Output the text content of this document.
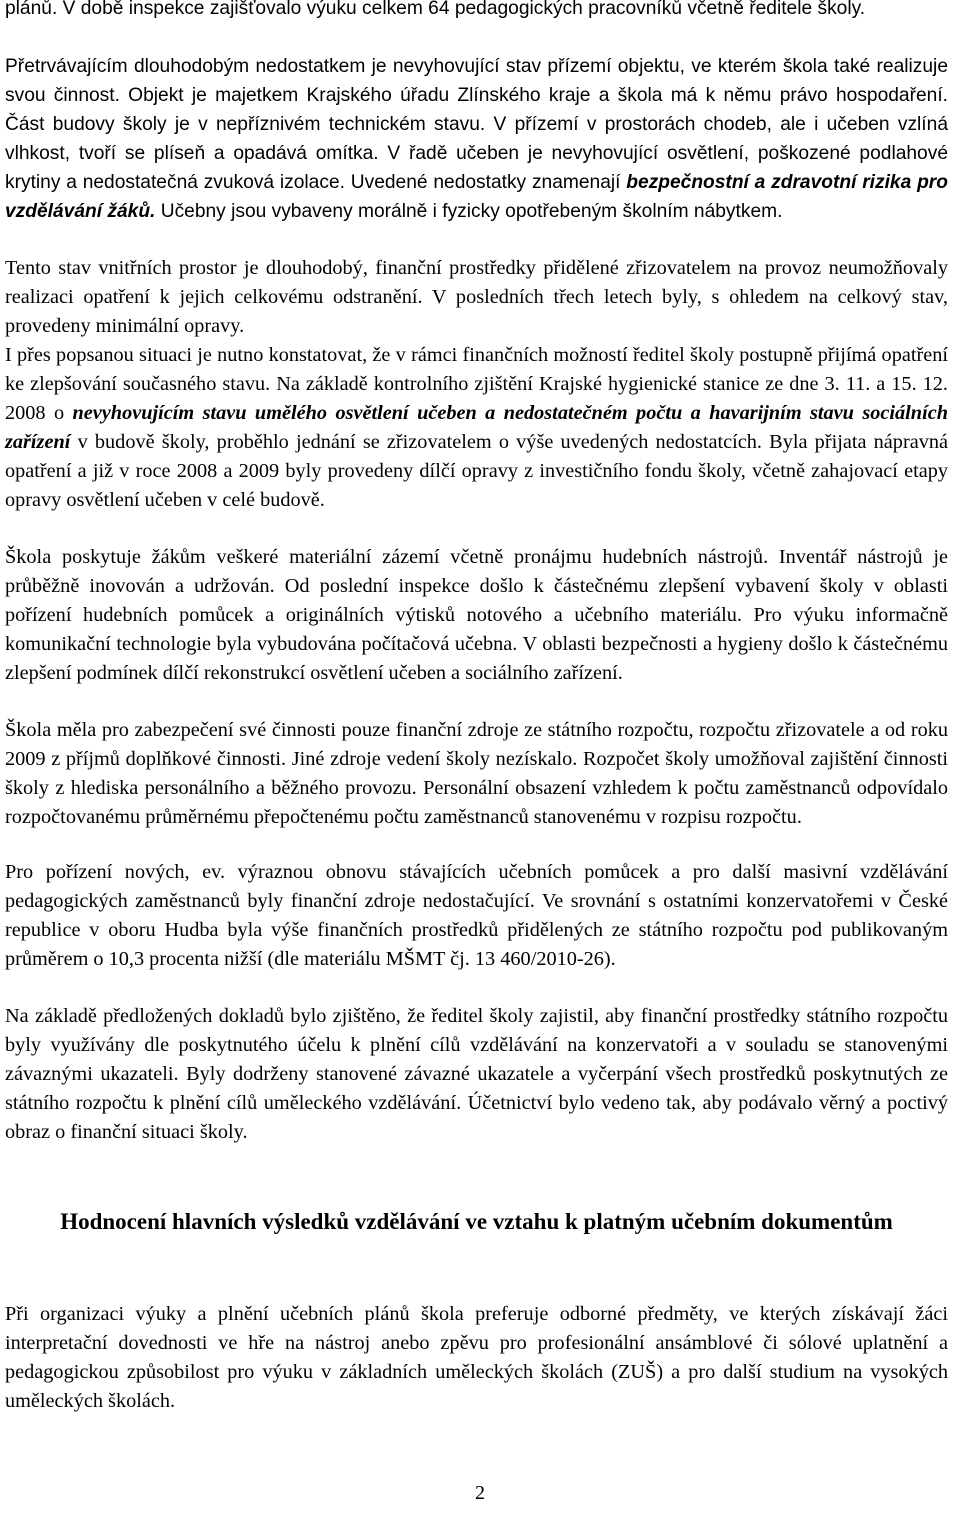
plánů. V době inspekce zajišťovalo výuku celkem 64 pedagogických pracovníků včetně ředitele školy.

Přetrvávajícím dlouhodobým nedostatkem je nevyhovující stav přízemí objektu, ve kterém škola také realizuje svou činnost. Objekt je majetkem Krajského úřadu Zlínského kraje a škola má k němu právo hospodaření. Část budovy školy je v nepříznivém technickém stavu. V přízemí v prostorách chodeb, ale i učeben vzlíná vlhkost, tvoří se plíseň a opadává omítka. V řadě učeben je nevyhovující osvětlení, poškozené podlahové krytiny a nedostatečná zvuková izolace. Uvedené nedostatky znamenají bezpečnostní a zdravotní rizika pro vzdělávání žáků. Učebny jsou vybaveny morálně i fyzicky opotřebeným školním nábytkem.

Tento stav vnitřních prostor je dlouhodobý, finanční prostředky přidělené zřizovatelem na provoz neumožňovaly realizaci opatření k jejich celkovému odstranění. V posledních třech letech byly, s ohledem na celkový stav, provedeny minimální opravy.

I přes popsanou situaci je nutno konstatovat, že v rámci finančních možností ředitel školy postupně přijímá opatření ke zlepšování současného stavu. Na základě kontrolního zjištění Krajské hygienické stanice ze dne 3. 11. a 15. 12. 2008 o nevyhovujícím stavu umělého osvětlení učeben a nedostatečném počtu a havarijním stavu sociálních zařízení v budově školy, proběhlo jednání se zřizovatelem o výše uvedených nedostatcích. Byla přijata nápravná opatření a již v roce 2008 a 2009 byly provedeny dílčí opravy z investičního fondu školy, včetně zahajovací etapy opravy osvětlení učeben v celé budově.

Škola poskytuje žákům veškeré materiální zázemí včetně pronájmu hudebních nástrojů. Inventář nástrojů je průběžně inovován a udržován. Od poslední inspekce došlo k částečnému zlepšení vybavení školy v oblasti pořízení hudebních pomůcek a originálních výtisků notového a učebního materiálu. Pro výuku informačně komunikační technologie byla vybudována počítačová učebna. V oblasti bezpečnosti a hygieny došlo k částečnému zlepšení podmínek dílčí rekonstrukcí osvětlení učeben a sociálního zařízení.

Škola měla pro zabezpečení své činnosti pouze finanční zdroje ze státního rozpočtu, rozpočtu zřizovatele a od roku 2009 z příjmů doplňkové činnosti. Jiné zdroje vedení školy nezískalo. Rozpočet školy umožňoval zajištění činnosti školy z hlediska personálního a běžného provozu. Personální obsazení vzhledem k počtu zaměstnanců odpovídalo rozpočtovanému průměrnému přepočtenému počtu zaměstnanců stanovenému v rozpisu rozpočtu.

Pro pořízení nových, ev. výraznou obnovu stávajících učebních pomůcek a pro další masivní vzdělávání pedagogických zaměstnanců byly finanční zdroje nedostačující. Ve srovnání s ostatními konzervatořemi v České republice v oboru Hudba byla výše finančních prostředků přidělených ze státního rozpočtu pod publikovaným průměrem o 10,3 procenta nižší (dle materiálu MŠMT čj. 13 460/2010-26).

Na základě předložených dokladů bylo zjištěno, že ředitel školy zajistil, aby finanční prostředky státního rozpočtu byly využívány dle poskytnutého účelu k plnění cílů vzdělávání na konzervatoři a v souladu se stanovenými závaznými ukazateli. Byly dodrženy stanovené závazné ukazatele a vyčerpání všech prostředků poskytnutých ze státního rozpočtu k plnění cílů uměleckého vzdělávání. Účetnictví bylo vedeno tak, aby podávalo věrný a poctivý obraz o finanční situaci školy.

Hodnocení hlavních výsledků vzdělávání ve vztahu k platným učebním dokumentům

Při organizaci výuky a plnění učebních plánů škola preferuje odborné předměty, ve kterých získávají žáci interpretační dovednosti ve hře na nástroj anebo zpěvu pro profesionální ansámblové či sólové uplatnění a pedagogickou způsobilost pro výuku v základních uměleckých školách (ZUŠ) a pro další studium na vysokých uměleckých školách.

2
